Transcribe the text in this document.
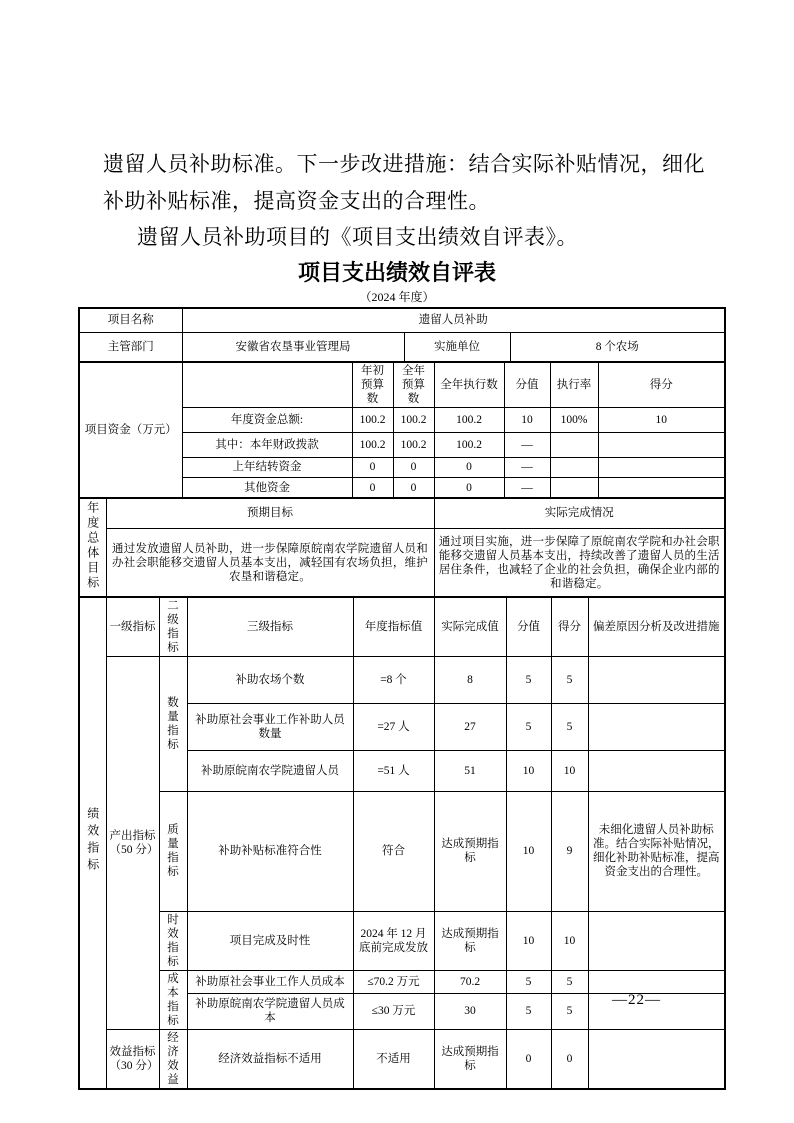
遗留人员补助标准。下一步改进措施：结合实际补贴情况，细化
补助补贴标准，提高资金支出的合理性。
遗留人员补助项目的《项目支出绩效自评表》。
项目支出绩效自评表
（2024 年度）
项目名称	遗留人员补助		
主管部门	安徽省农垦事业管理局	实施单位	8 个农场
项目资金（万元）		年初预算数	全年预算数	全年执行数	分值	执行率	得分
	年度资金总额:	100.2	100.2	100.2	10	100%	10
	其中：本年财政拨款	100.2	100.2	100.2	—		
	上年结转资金	0	0	0	—		
	其他资金	0	0	0	—		
年度总体目标	预期目标	实际完成情况
	通过发放遗留人员补助，进一步保障原皖南农学院遗留人员和办社会职能移交遗留人员基本支出，减轻国有农场负担，维护农垦和谐稳定。	通过项目实施，进一步保障了原皖南农学院和办社会职能移交遗留人员基本支出，持续改善了遗留人员的生活居住条件，也减轻了企业的社会负担，确保企业内部的和谐稳定。
绩效指标	一级指标	二级指标	三级指标	年度指标值	实际完成值	分值	得分	偏差原因分析及改进措施
	产出指标（50 分）	数量指标	补助农场个数	=8 个	8	5	5	
			补助原社会事业工作补助人员数量	=27 人	27	5	5	
			补助原皖南农学院遗留人员	=51 人	51	10	10	
		质量指标	补助补贴标准符合性	符合	达成预期指标	10	9	未细化遗留人员补助标准。结合实际补贴情况，细化补助补贴标准，提高资金支出的合理性。
		时效指标	项目完成及时性	2024 年 12 月底前完成发放	达成预期指标	10	10	
		成本指标	补助原社会事业工作人员成本	≤70.2 万元	70.2	5	5	
			补助原皖南农学院遗留人员成本	≤30 万元	30	5	5	
	效益指标（30 分）	经济效益	经济效益指标不适用	不适用	达成预期指标	0	0	
—22—
